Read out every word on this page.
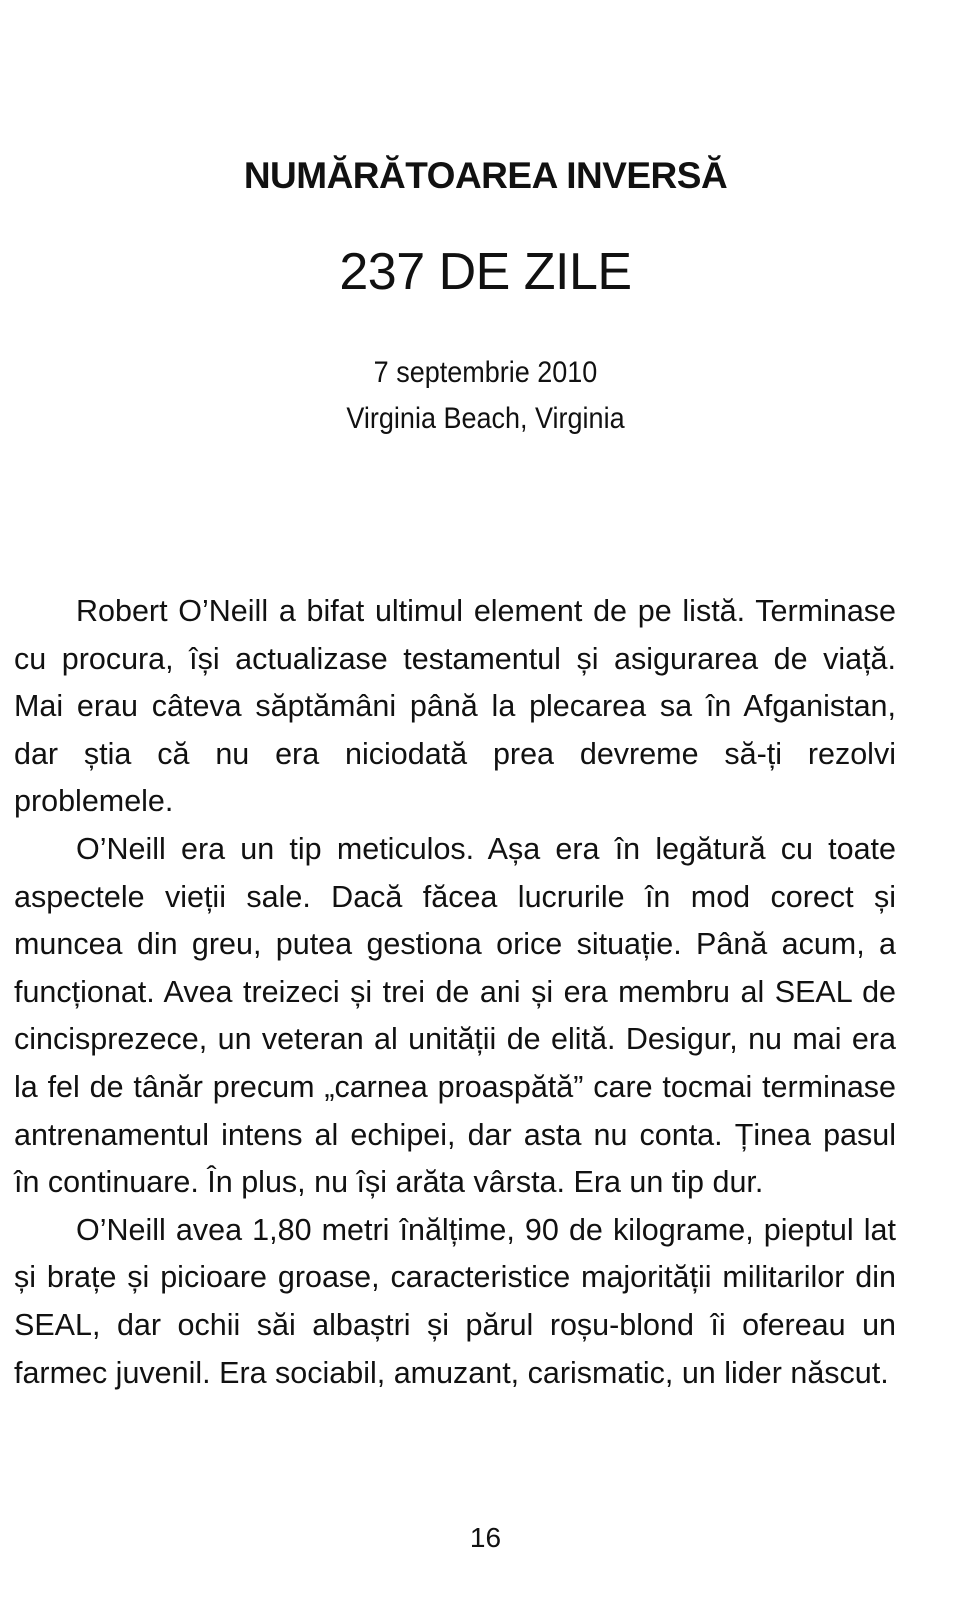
NUMĂRĂTOAREA INVERSĂ
237 DE ZILE
7 septembrie 2010
Virginia Beach, Virginia

Robert O’Neill a bifat ultimul element de pe listă. Terminase cu procura, își actualizase testamentul și asigurarea de viață. Mai erau câteva săptămâni până la plecarea sa în Afganistan, dar știa că nu era niciodată prea devreme să-ți rezolvi problemele.

O’Neill era un tip meticulos. Așa era în legătură cu toate aspectele vieții sale. Dacă făcea lucrurile în mod corect și muncea din greu, putea gestiona orice situație. Până acum, a funcționat. Avea treizeci și trei de ani și era membru al SEAL de cincisprezece, un veteran al unității de elită. Desigur, nu mai era la fel de tânăr precum „carnea proaspătă” care tocmai terminase antrenamentul intens al echipei, dar asta nu conta. Ținea pasul în continuare. În plus, nu își arăta vârsta. Era un tip dur.

O’Neill avea 1,80 metri înălțime, 90 de kilograme, pieptul lat și brațe și picioare groase, caracteristice majorității militarilor din SEAL, dar ochii săi albaștri și părul roșu-blond îi ofereau un farmec juvenil. Era sociabil, amuzant, carismatic, un lider născut.

16
